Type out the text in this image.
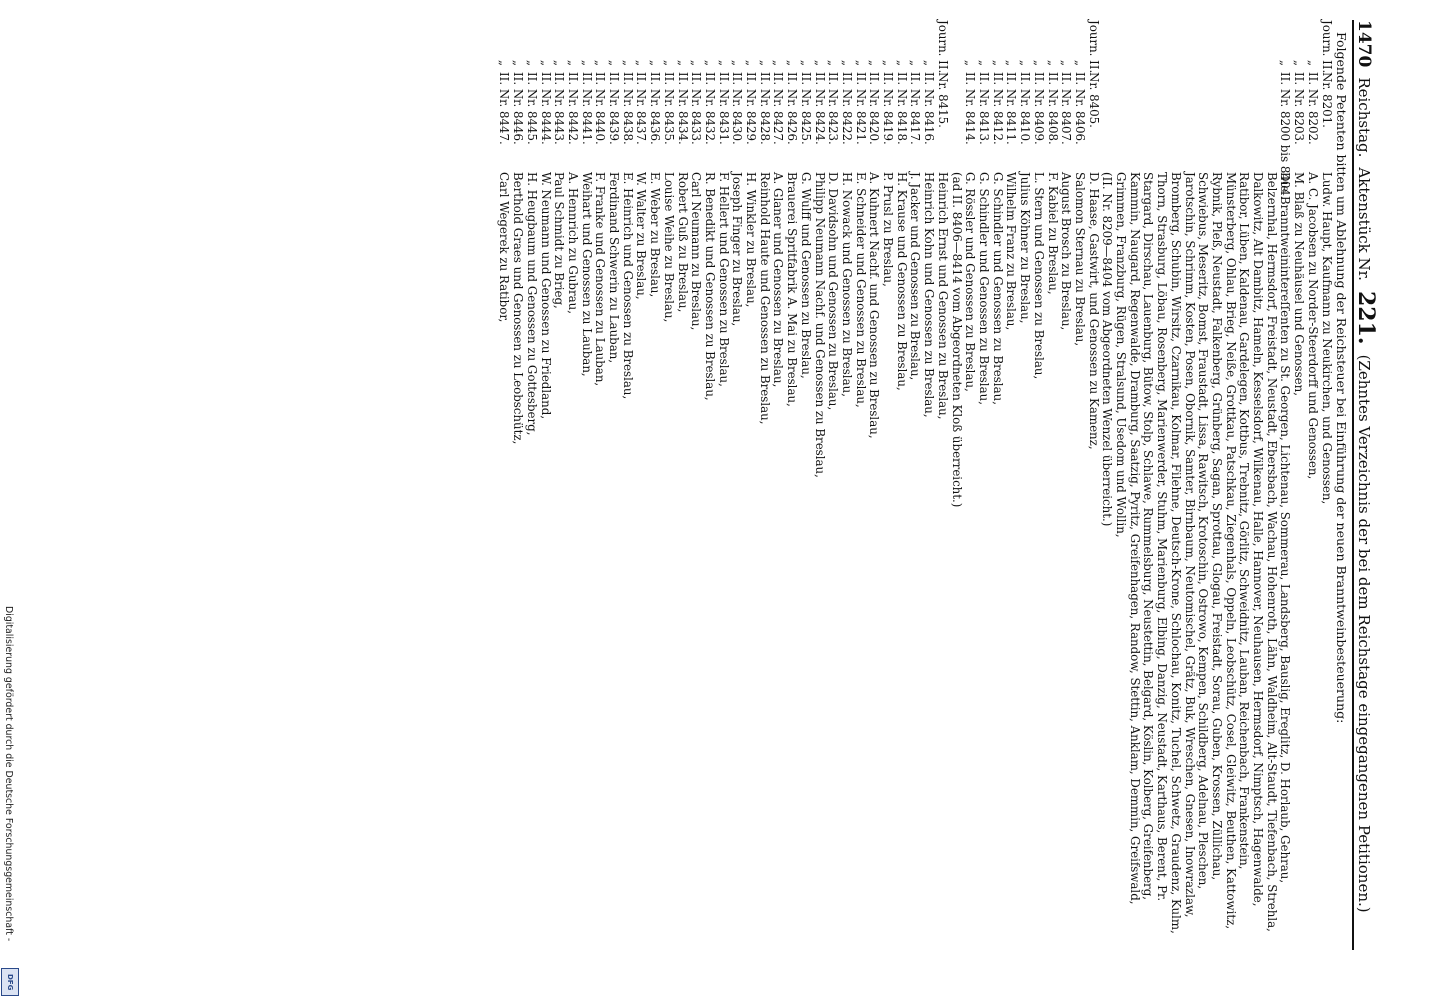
1470
Reichstag.
Aktenstück Nr.
221.
(Zehntes Verzeichnis der bei dem Reichstage eingegangenen Petitionen.)
Folgende Petenten bitten um Ablehnung der Reichsteuer bei Einführung der neuen Branntweinbesteuerung:
Journ. II.
Nr. 8201.
Ludw. Haupt, Kaufmann zu Neukirchen, und Genossen,
„
II. Nr. 8202.
A. C. Jacobsen zu Norder-Steerdorff und Genossen,
„
II. Nr. 8203.
M. Blaß zu Neuhäusel und Genossen,
„
II. Nr. 8200 bis 8404.
Die Branntweinintereſſenten zu St. Georgen, Lichtenau, Sommerau, Landsberg, Bauslig, Ereglitz, D. Horlaub, Gehrau, Belzernhal, Hermsdorf, Freistadt, Neustadt, Ebersbach, Wachau, Hohenroth, Lähn, Waldheim, Alt-Staudt, Tiefenbach, Strehla, Dalkowitz, Alt Dambitz, Hameln, Kesselsdorf, Wilkenau, Halle, Hannover, Neuhausen, Hermsdorf, Nimptsch, Hagenwalde, Ratibor, Lüben, Kaldenau, Gardelegen, Kottbus, Trebnitz, Görlitz, Schweidnitz, Lauban, Reichenbach, Frankenstein, Münsterberg, Ohlau, Brieg, Neiße, Grottkau, Patschkau, Ziegenhals, Oppeln, Leobschütz, Cosel, Gleiwitz, Beuthen, Kattowitz, Rybnik, Pleß, Neustadt, Falkenberg, Grünberg, Sagan, Sprottau, Glogau, Freistadt, Sorau, Guben, Krossen, Züllichau, Schwiebus, Meseritz, Bomst, Fraustadt, Lissa, Rawitsch, Krotoschin, Ostrowo, Kempen, Schildberg, Adelnau, Pleschen, Jarotschin, Schrimm, Kosten, Posen, Obornik, Samter, Birnbaum, Neutomischel, Grätz, Buk, Wreschen, Gnesen, Inowrazlaw, Bromberg, Schubin, Wirsitz, Czarnikau, Kolmar, Filehne, Deutsch-Krone, Schlochau, Konitz, Tuchel, Schwetz, Graudenz, Kulm, Thorn, Strasburg, Löbau, Rosenberg, Marienwerder, Stuhm, Marienburg, Elbing, Danzig, Neustadt, Karthaus, Berent, Pr. Stargard, Dirschau, Lauenburg, Bütow, Stolp, Schlawe, Rummelsburg, Neustettin, Belgard, Köslin, Kolberg, Greifenberg, Kammin, Naugard, Regenwalde, Dramburg, Saatzig, Pyritz, Greifenhagen, Randow, Stettin, Anklam, Demmin, Greifswald, Grimmen, Franzburg, Rügen, Stralsund, Usedom und Wollin,
(II. Nr. 8209—8404 vom Abgeordneten Wenzel überreicht.)
Journ. II.
Nr. 8405.
D. Haase, Gastwirt, und Genossen zu Kamenz,
„
II. Nr. 8406.
Salomon Sternau zu Breslau,
„
II. Nr. 8407.
August Brosch zu Breslau,
„
II. Nr. 8408.
F. Kabiel zu Breslau,
„
II. Nr. 8409.
L. Stern und Genossen zu Breslau,
„
II. Nr. 8410.
Julius Köhner zu Breslau,
„
II. Nr. 8411.
Wilhelm Franz zu Breslau,
„
II. Nr. 8412.
G. Schindler und Genossen zu Breslau,
„
II. Nr. 8413.
G. Schindler und Genossen zu Breslau,
„
II. Nr. 8414.
G. Rössler und Genossen zu Breslau,
(ad II. 8406—8414 vom Abgeordneten Kloß überreicht.)
Journ. II.
Nr. 8415.
Heinrich Ernst und Genossen zu Breslau,
„
II. Nr. 8416.
Heinrich Kohn und Genossen zu Breslau,
„
II. Nr. 8417.
J. Jacker und Genossen zu Breslau,
„
II. Nr. 8418.
H. Krause und Genossen zu Breslau,
„
II. Nr. 8419.
P. Prusl zu Breslau,
„
II. Nr. 8420.
A. Kuhnert Nachf. und Genossen zu Breslau,
„
II. Nr. 8421.
E. Schneider und Genossen zu Breslau,
„
II. Nr. 8422.
H. Nowack und Genossen zu Breslau,
„
II. Nr. 8423.
D. Davidsohn und Genossen zu Breslau,
„
II. Nr. 8424.
Philipp Neumann Nachf. und Genossen zu Breslau,
„
II. Nr. 8425.
G. Wulff und Genossen zu Breslau,
„
II. Nr. 8426.
Brauerei Spritfabrik A. Mai zu Breslau,
„
II. Nr. 8427.
A. Glaner und Genossen zu Breslau,
„
II. Nr. 8428.
Reinhold Haute und Genossen zu Breslau,
„
II. Nr. 8429.
H. Winkler zu Breslau,
„
II. Nr. 8430.
Joseph Finger zu Breslau,
„
II. Nr. 8431.
F. Hellert und Genossen zu Breslau,
„
II. Nr. 8432.
R. Benedikt und Genossen zu Breslau,
„
II. Nr. 8433.
Carl Neumann zu Breslau,
„
II. Nr. 8434.
Robert Guß zu Breslau,
„
II. Nr. 8435.
Louise Weihe zu Breslau,
„
II. Nr. 8436.
E. Weber zu Breslau,
„
II. Nr. 8437.
W. Walter zu Breslau,
„
II. Nr. 8438.
E. Heinrich und Genossen zu Breslau,
„
II. Nr. 8439.
Ferdinand Schwerin zu Lauban,
„
II. Nr. 8440.
F. Franke und Genossen zu Lauban,
„
II. Nr. 8441.
Weihart und Genossen zu Lauban,
„
II. Nr. 8442.
A. Hennrich zu Gubrau,
„
II. Nr. 8443.
Paul Schmidt zu Brieg,
„
II. Nr. 8444.
W. Neumann und Genossen zu Friedland,
„
II. Nr. 8445.
H. Heugbaum und Genossen zu Gottesberg,
„
II. Nr. 8446.
Berthold Graes und Genossen zu Leobschütz,
„
II. Nr. 8447.
Carl Wegerek zu Ratibor,
Digitalisierung gefördert durch die Deutsche Forschungsgemeinschaft -
DFG
